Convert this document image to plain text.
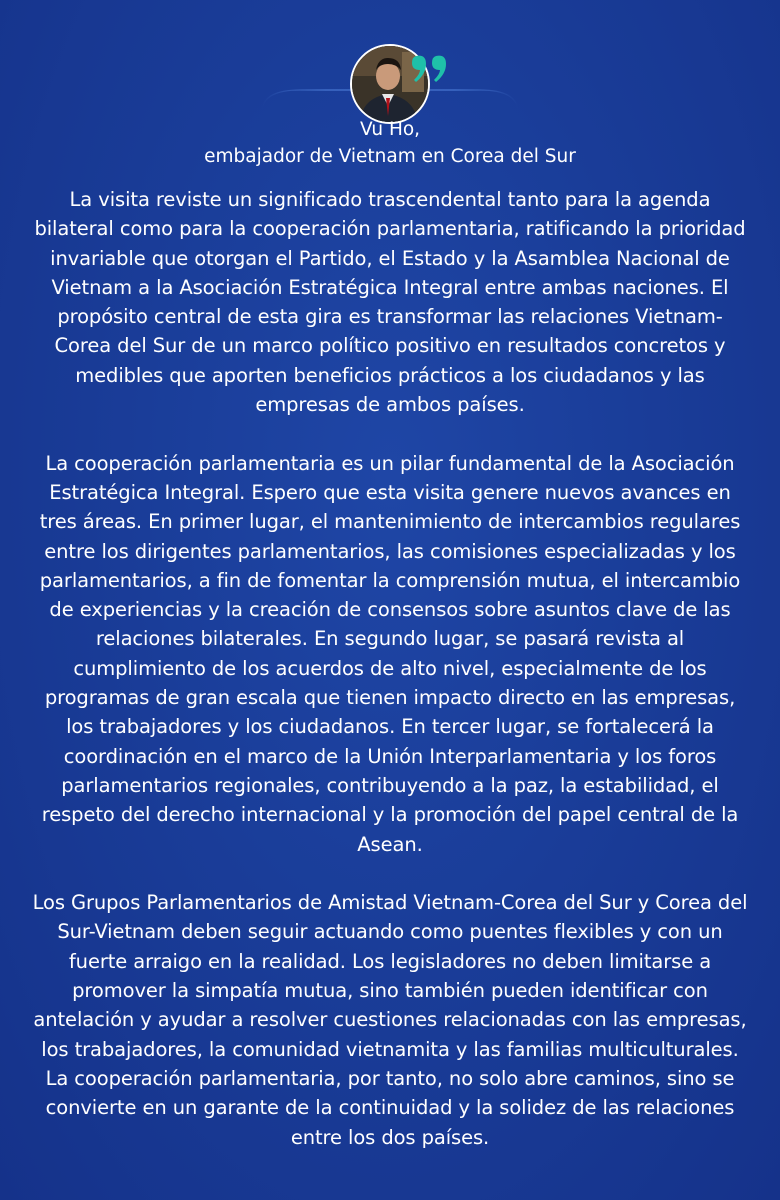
Vu Ho,
embajador de Vietnam en Corea del Sur

La visita reviste un significado trascendental tanto para la agenda bilateral como para la cooperación parlamentaria, ratificando la prioridad invariable que otorgan el Partido, el Estado y la Asamblea Nacional de Vietnam a la Asociación Estratégica Integral entre ambas naciones. El propósito central de esta gira es transformar las relaciones Vietnam-Corea del Sur de un marco político positivo en resultados concretos y medibles que aporten beneficios prácticos a los ciudadanos y las empresas de ambos países.

La cooperación parlamentaria es un pilar fundamental de la Asociación Estratégica Integral. Espero que esta visita genere nuevos avances en tres áreas. En primer lugar, el mantenimiento de intercambios regulares entre los dirigentes parlamentarios, las comisiones especializadas y los parlamentarios, a fin de fomentar la comprensión mutua, el intercambio de experiencias y la creación de consensos sobre asuntos clave de las relaciones bilaterales. En segundo lugar, se pasará revista al cumplimiento de los acuerdos de alto nivel, especialmente de los programas de gran escala que tienen impacto directo en las empresas, los trabajadores y los ciudadanos. En tercer lugar, se fortalecerá la coordinación en el marco de la Unión Interparlamentaria y los foros parlamentarios regionales, contribuyendo a la paz, la estabilidad, el respeto del derecho internacional y la promoción del papel central de la Asean.

Los Grupos Parlamentarios de Amistad Vietnam-Corea del Sur y Corea del Sur-Vietnam deben seguir actuando como puentes flexibles y con un fuerte arraigo en la realidad. Los legisladores no deben limitarse a promover la simpatía mutua, sino también pueden identificar con antelación y ayudar a resolver cuestiones relacionadas con las empresas, los trabajadores, la comunidad vietnamita y las familias multiculturales. La cooperación parlamentaria, por tanto, no solo abre caminos, sino se convierte en un garante de la continuidad y la solidez de las relaciones entre los dos países.
